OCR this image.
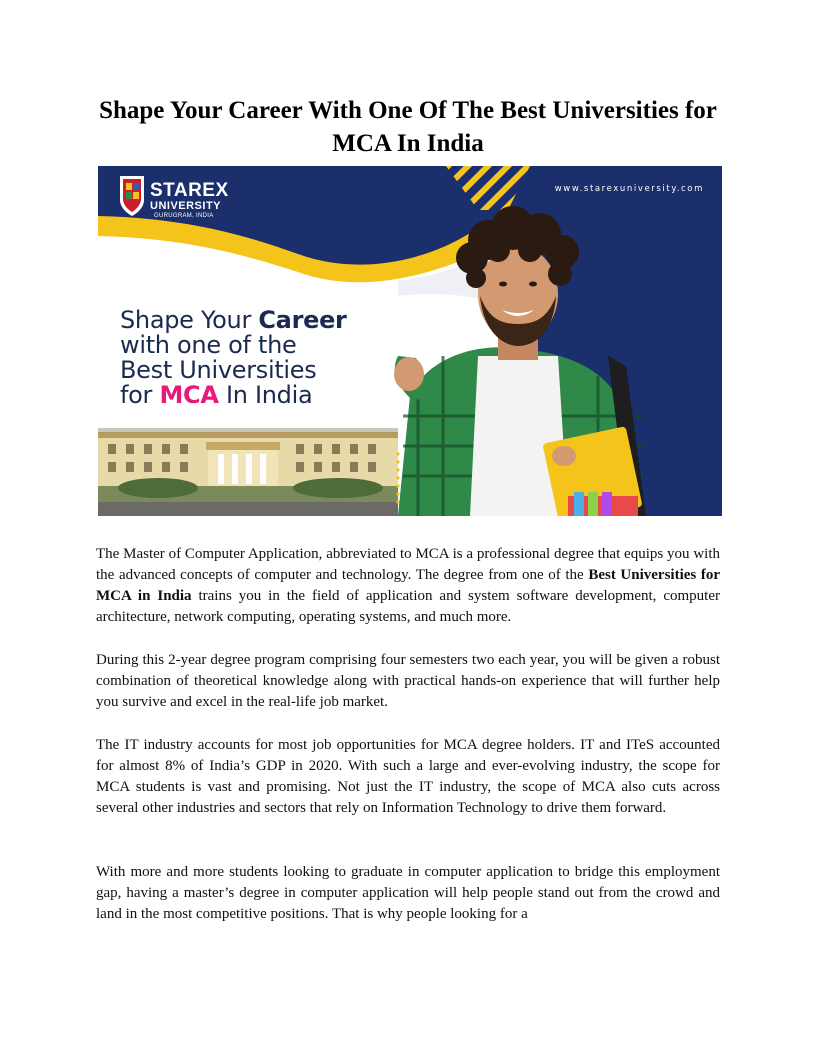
Shape Your Career With One Of The Best Universities for MCA In India
STAREX
UNIVERSITY
GURUGRAM, INDIA
www.starexuniversity.com
Shape Your Career
with one of the
Best Universities
for MCA In India

The Master of Computer Application, abbreviated to MCA is a professional degree that equips you with the advanced concepts of computer and technology. The degree from one of the Best Universities for MCA in India trains you in the field of application and system software development, computer architecture, network computing, operating systems, and much more.

During this 2-year degree program comprising four semesters two each year, you will be given a robust combination of theoretical knowledge along with practical hands-on experience that will further help you survive and excel in the real-life job market.

The IT industry accounts for most job opportunities for MCA degree holders. IT and ITeS accounted for almost 8% of India’s GDP in 2020. With such a large and ever-evolving industry, the scope for MCA students is vast and promising. Not just the IT industry, the scope of MCA also cuts across several other industries and sectors that rely on Information Technology to drive them forward.

With more and more students looking to graduate in computer application to bridge this employment gap, having a master’s degree in computer application will help people stand out from the crowd and land in the most competitive positions. That is why people looking for a
